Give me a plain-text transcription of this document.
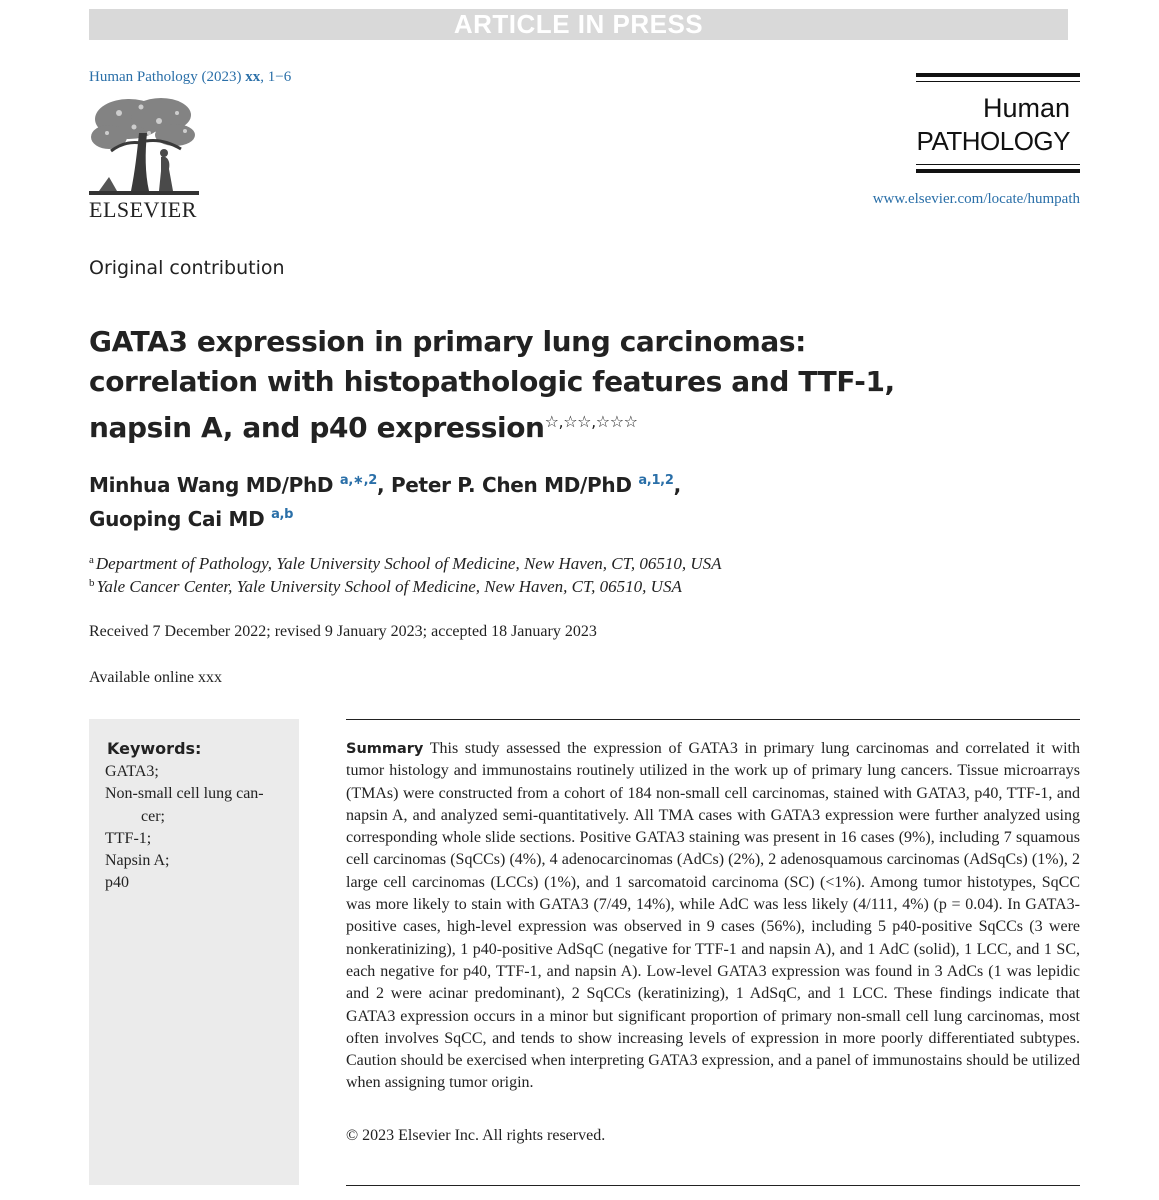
ARTICLE IN PRESS
Human Pathology (2023) xx, 1−6
ELSEVIER
Human
PATHOLOGY
www.elsevier.com/locate/humpath
Original contribution
GATA3 expression in primary lung carcinomas:
correlation with histopathologic features and TTF-1,
napsin A, and p40 expression☆,☆☆,☆☆☆
Minhua Wang MD/PhD $^{a,∗,2}$, Peter P. Chen MD/PhD $^{a,1,2}$,
Guoping Cai MD $^{a,b}$
$^a$ Department of Pathology, Yale University School of Medicine, New Haven, CT, 06510, USA
$^b$ Yale Cancer Center, Yale University School of Medicine, New Haven, CT, 06510, USA
Received 7 December 2022; revised 9 January 2023; accepted 18 January 2023
Available online xxx
Keywords:
GATA3;
Non-small cell lung can-
cer;
TTF-1;
Napsin A;
p40
Summary This study assessed the expression of GATA3 in primary lung carcinomas and correlated it with tumor histology and immunostains routinely utilized in the work up of primary lung cancers. Tissue microarrays (TMAs) were constructed from a cohort of 184 non-small cell carcinomas, stained with GATA3, p40, TTF-1, and napsin A, and analyzed semi-quantitatively. All TMA cases with GATA3 expression were further analyzed using corresponding whole slide sections. Positive GATA3 staining was present in 16 cases (9%), including 7 squamous cell carcinomas (SqCCs) (4%), 4 adenocarcinomas (AdCs) (2%), 2 adenosquamous carcinomas (AdSqCs) (1%), 2 large cell carcinomas (LCCs) (1%), and 1 sarcomatoid carcinoma (SC) (<1%). Among tumor histotypes, SqCC was more likely to stain with GATA3 (7/49, 14%), while AdC was less likely (4/111, 4%) (p = 0.04). In GATA3-positive cases, high-level expression was observed in 9 cases (56%), including 5 p40-positive SqCCs (3 were nonkeratinizing), 1 p40-positive AdSqC (negative for TTF-1 and napsin A), and 1 AdC (solid), 1 LCC, and 1 SC, each negative for p40, TTF-1, and napsin A). Low-level GATA3 expression was found in 3 AdCs (1 was lepidic and 2 were acinar predominant), 2 SqCCs (keratinizing), 1 AdSqC, and 1 LCC. These findings indicate that GATA3 expression occurs in a minor but significant proportion of primary non-small cell lung carcinomas, most often involves SqCC, and tends to show increasing levels of expression in more poorly differentiated subtypes. Caution should be exercised when interpreting GATA3 expression, and a panel of immunostains should be utilized when assigning tumor origin.
© 2023 Elsevier Inc. All rights reserved.
